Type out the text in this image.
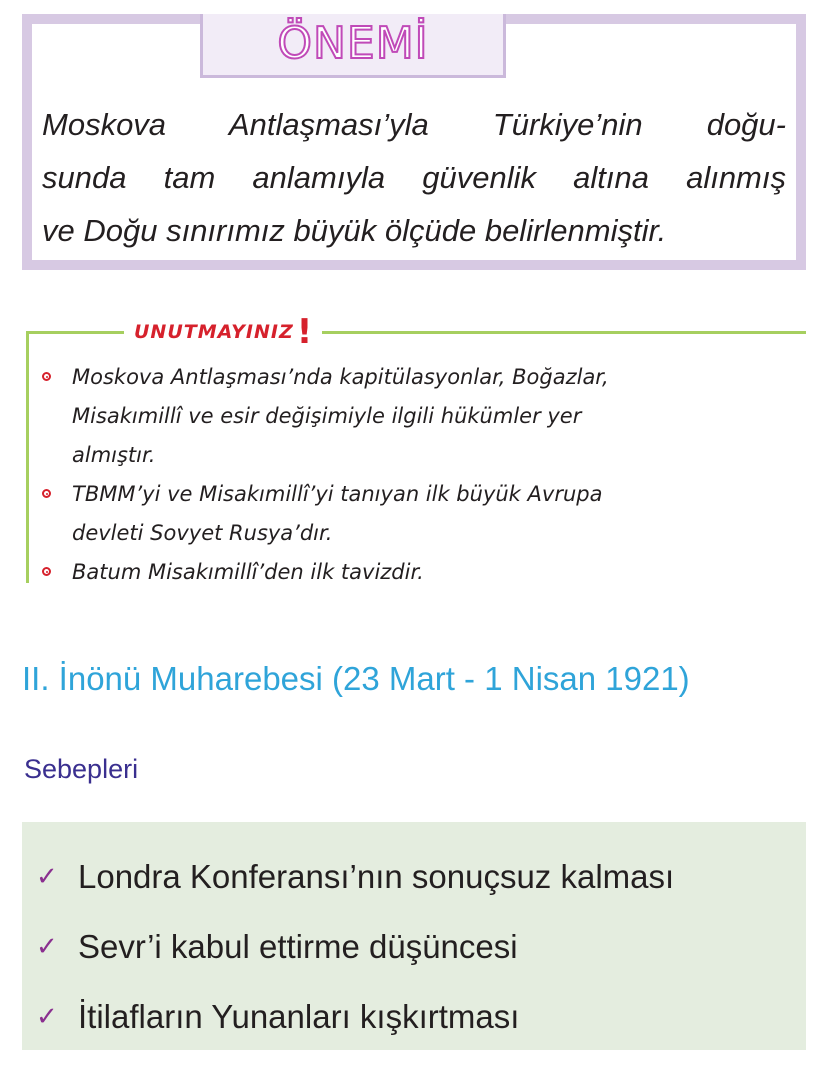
ÖNEMİ

Moskova Antlaşması’yla Türkiye’nin doğu-
sunda tam anlamıyla güvenlik altına alınmış
ve Doğu sınırımız büyük ölçüde belirlenmiştir.

UNUTMAYINIZ !
Moskova Antlaşması’nda kapitülasyonlar, Boğazlar,
Misakımillî ve esir değişimiyle ilgili hükümler yer
almıştır.
TBMM’yi ve Misakımillî’yi tanıyan ilk büyük Avrupa
devleti Sovyet Rusya’dır.
Batum Misakımillî’den ilk tavizdir.
II. İnönü Muharebesi (23 Mart - 1 Nisan 1921)
Sebepleri
✓ Londra Konferansı’nın sonuçsuz kalması
✓ Sevr’i kabul ettirme düşüncesi
✓ İtilafların Yunanları kışkırtması
